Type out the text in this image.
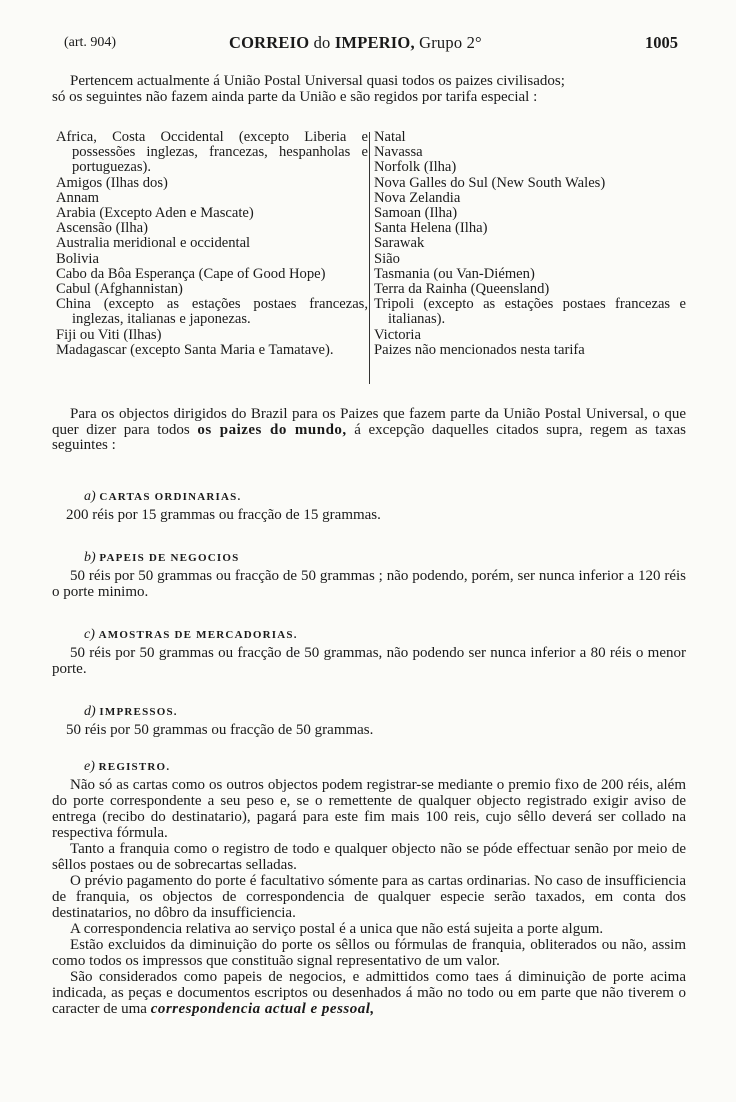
(art. 904)	CORREIO do IMPERIO, Grupo 2°	1005

Pertencem actualmente á União Postal Universal quasi todos os paizes civilisados;

só os seguintes não fazem ainda parte da União e são regidos por tarifa especial :

Africa, Costa Occidental (excepto Liberia e possessões inglezas, francezas, hespanholas e portuguezas).

Amigos (Ilhas dos)

Annam

Arabia (Excepto Aden e Mascate)

Ascensão (Ilha)

Australia meridional e occidental

Bolivia

Cabo da Bôa Esperança (Cape of Good Hope)

Cabul (Afghannistan)

China (excepto as estações postaes francezas, inglezas, italianas e japonezas.

Fiji ou Viti (Ilhas)

Madagascar (excepto Santa Maria e Tamatave).

Natal

Navassa

Norfolk (Ilha)

Nova Galles do Sul (New South Wales)

Nova Zelandia

Samoan (Ilha)

Santa Helena (Ilha)

Sarawak

Sião

Tasmania (ou Van-Diémen)

Terra da Rainha (Queensland)

Tripoli (excepto as estações postaes francezas e italianas).

Victoria

Paizes não mencionados nesta tarifa

Para os objectos dirigidos do Brazil para os Paizes que fazem parte da União Postal Universal, o que quer dizer para todos os paizes do mundo, á excepção daquelles citados supra, regem as taxas seguintes :

a) CARTAS ORDINARIAS.

200 réis por 15 grammas ou fracção de 15 grammas.

b) PAPEIS DE NEGOCIOS

50 réis por 50 grammas ou fracção de 50 grammas ; não podendo, porém, ser nunca inferior a 120 réis o porte minimo.

c) AMOSTRAS DE MERCADORIAS.

50 réis por 50 grammas ou fracção de 50 grammas, não podendo ser nunca inferior a 80 réis o menor porte.

d) IMPRESSOS.

50 réis por 50 grammas ou fracção de 50 grammas.

e) REGISTRO.

Não só as cartas como os outros objectos podem registrar-se mediante o premio fixo de 200 réis, além do porte correspondente a seu peso e, se o remettente de qualquer objecto registrado exigir aviso de entrega (recibo do destinatario), pagará para este fim mais 100 reis, cujo sêllo deverá ser collado na respectiva fórmula.

Tanto a franquia como o registro de todo e qualquer objecto não se póde effectuar senão por meio de sêllos postaes ou de sobrecartas selladas.

O prévio pagamento do porte é facultativo sómente para as cartas ordinarias. No caso de insufficiencia de franquia, os objectos de correspondencia de qualquer especie serão taxados, em conta dos destinatarios, no dôbro da insufficiencia.

A correspondencia relativa ao serviço postal é a unica que não está sujeita a porte algum.

Estão excluidos da diminuição do porte os sêllos ou fórmulas de franquia, obliterados ou não, assim como todos os impressos que constituão signal representativo de um valor.

São considerados como papeis de negocios, e admittidos como taes á diminuição de porte acima indicada, as peças e documentos escriptos ou desenhados á mão no todo ou em parte que não tiverem o caracter de uma correspondencia actual e pessoal,
